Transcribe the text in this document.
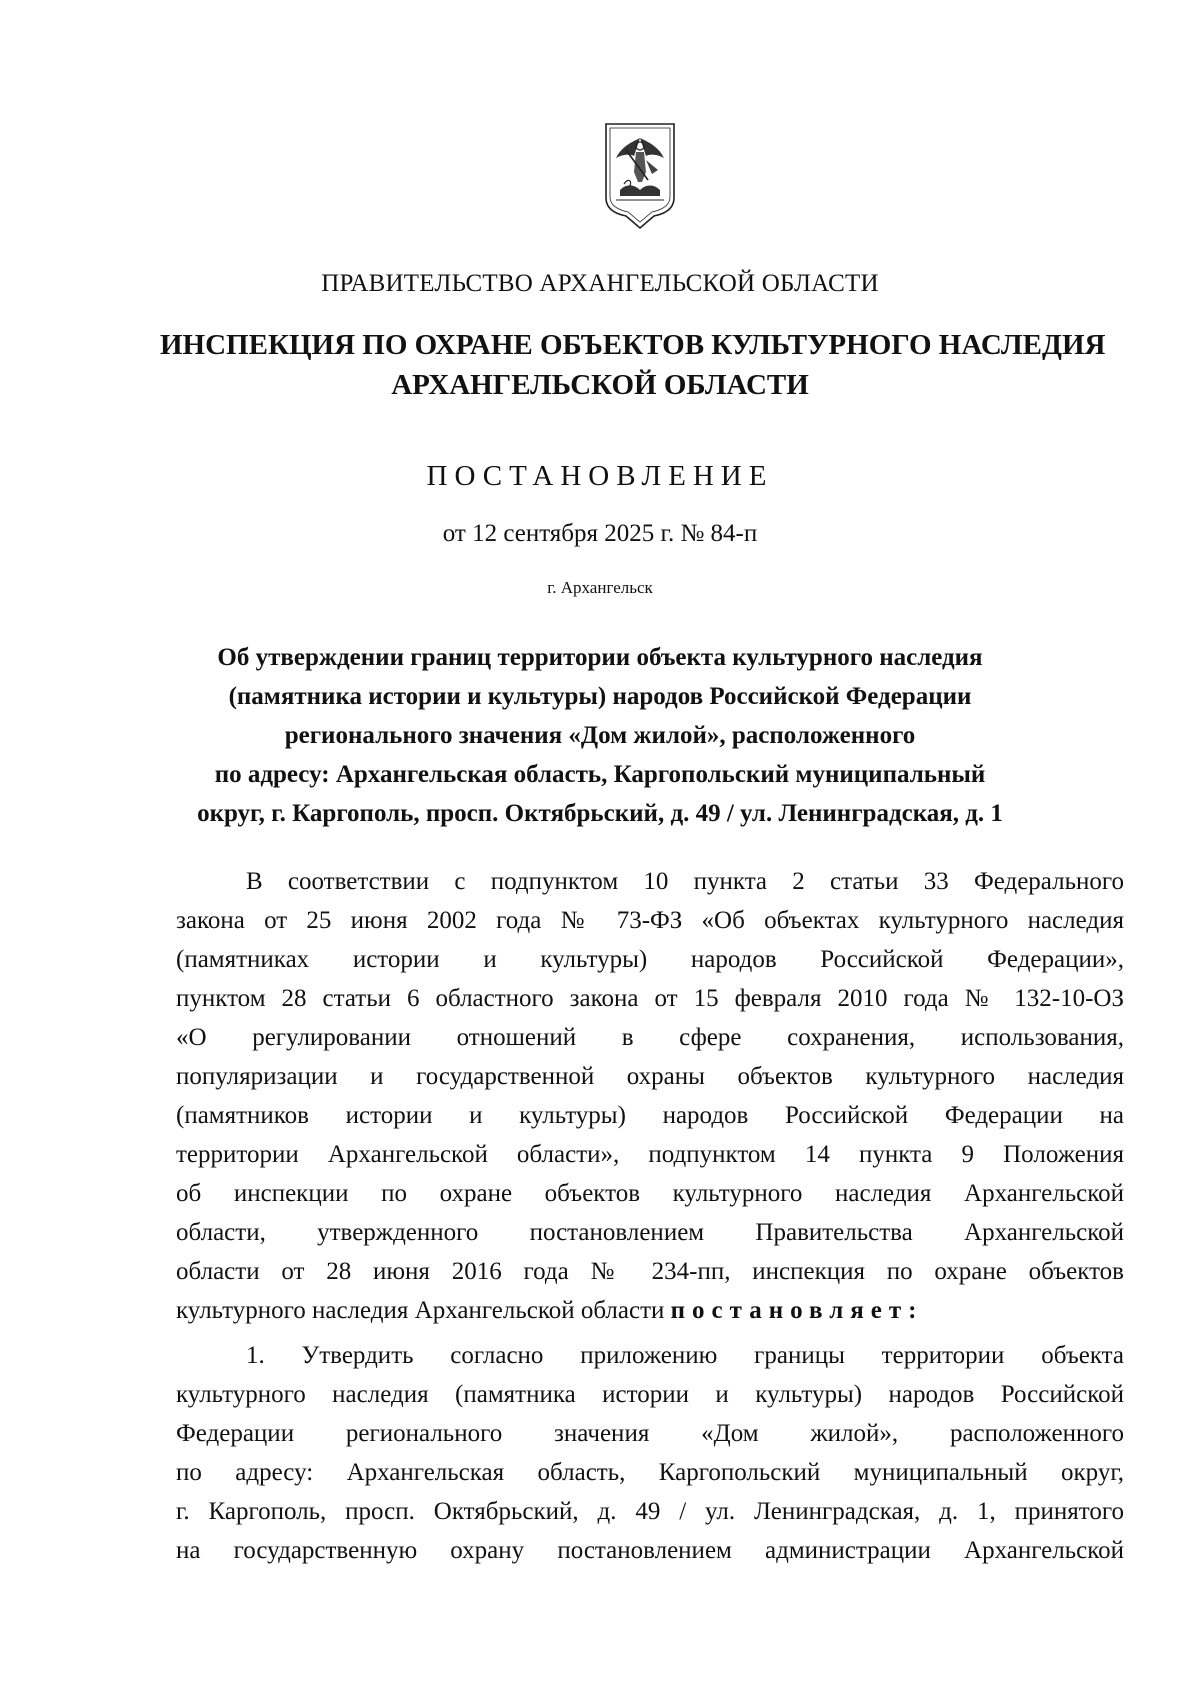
ПРАВИТЕЛЬСТВО АРХАНГЕЛЬСКОЙ ОБЛАСТИ
ИНСПЕКЦИЯ ПО ОХРАНЕ ОБЪЕКТОВ КУЛЬТУРНОГО НАСЛЕДИЯ
АРХАНГЕЛЬСКОЙ ОБЛАСТИ
ПОСТАНОВЛЕНИЕ
от 12 сентября 2025 г. № 84-п
г. Архангельск
Об утверждении границ территории объекта культурного наследия
(памятника истории и культуры) народов Российской Федерации
регионального значения «Дом жилой», расположенного
по адресу: Архангельская область, Каргопольский муниципальный
округ, г. Каргополь, просп. Октябрьский, д. 49 / ул. Ленинградская, д. 1
В соответствии с подпунктом 10 пункта 2 статьи 33 Федерального
закона от 25 июня 2002 года № 73-ФЗ «Об объектах культурного наследия
(памятниках истории и культуры) народов Российской Федерации»,
пунктом 28 статьи 6 областного закона от 15 февраля 2010 года № 132-10-ОЗ
«О регулировании отношений в сфере сохранения, использования,
популяризации и государственной охраны объектов культурного наследия
(памятников истории и культуры) народов Российской Федерации на
территории Архангельской области», подпунктом 14 пункта 9 Положения
об инспекции по охране объектов культурного наследия Архангельской
области, утвержденного постановлением Правительства Архангельской
области от 28 июня 2016 года № 234-пп, инспекция по охране объектов
культурного наследия Архангельской области постановляет:
1. Утвердить согласно приложению границы территории объекта
культурного наследия (памятника истории и культуры) народов Российской
Федерации регионального значения «Дом жилой», расположенного
по адресу: Архангельская область, Каргопольский муниципальный округ,
г. Каргополь, просп. Октябрьский, д. 49 / ул. Ленинградская, д. 1, принятого
на государственную охрану постановлением администрации Архангельской
